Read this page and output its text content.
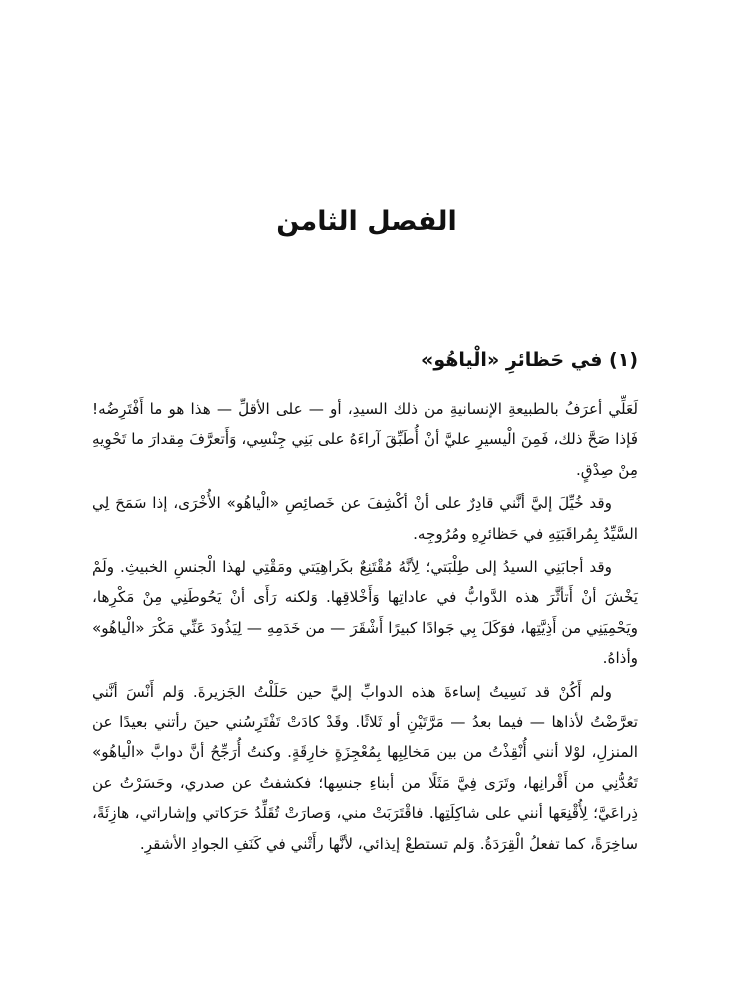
الفصل الثامن
(١) في حَظائرِ «الْياهُو»

لَعَلِّي أعرَفُ بالطبيعةِ الإنسانيةِ من ذلك السيدِ، أو — على الأقلِّ — هذا هو ما أَفْتَرِضُه! فَإذا صَحَّ ذلك، فَمِنَ الْيسيرِ عليَّ أنْ أُطَبِّقَ آراءَهُ على بَنِي جِنْسِي، وَأَتعرَّفَ مِقدارَ ما تَحْوِيهِ مِنْ صِدْقٍ.

وقد خُيِّلَ إليَّ أنَّني قادِرٌ على أنْ أكْشِفَ عن خَصائِصِ «الْياهُو» الأُخْرَى، إذا سَمَحَ لِي السَّيِّدُ بِمُراقَبَتِهِ في حَظائرِهِ ومُرُوجِه.

وقد أجابَنِي السيدُ إلى طِلْبَتي؛ لِأنَّهُ مُقْتَنِعٌ بكَراهِيَتي ومَقْتِي لهذا الْجنسِ الخبيثِ. ولَمْ يَخْشَ أنْ أَتأثَّرَ هذه الدَّوابُّ في عاداتِها وَأَخْلاقِها. وَلكنه رَأَى أنْ يَحُوطَنِي مِنْ مَكْرِها، ويَحْمِيَنِي من أَذِيَّتِها، فوَكَلَ بِي جَوادًا كبيرًا أَشْقَرَ — من خَدَمِهِ — لِيَذُودَ عَنِّي مَكْرَ «الْياهُو» وأذاهُ.

ولم أَكُنْ قد نَسِيتُ إساءةَ هذه الدوابِّ إليَّ حين حَلَلْتُ الجَزيرةَ. وَلم أَنْسَ أنَّني تعرَّضْتُ لأذاها — فيما بعدُ — مَرَّتَيْنِ أو ثَلاثًا. وقَدْ كادَتْ تَفْتَرِسُني حينَ رأتني بعيدًا عن المنزلِ، لوْلا أنني أُنْقِذْتُ من بين مَخالِبِها بِمُعْجِزَةٍ خارِقَةٍ. وكنتُ أُرَجِّحُ أنَّ دوابَّ «الْياهُو» تَعُدُّنِي من أَقْرانِها، وتَرَى فِيَّ مَثَلًا من أبناءِ جنسِها؛ فكشفتُ عن صدري، وحَسَرْتُ عن ذِراعَيَّ؛ لِأُقْنِعَها أنني على شاكِلَتِها. فاقْتَرَبَتْ مني، وَصارَتْ تُقَلِّدُ حَرَكاتي وإشاراتي، هازِئَةً، ساخِرَةً، كما تفعلُ الْقِرَدَةُ. وَلم تستطعْ إيذائي، لأنَّها رأَتْني في كَنَفِ الجوادِ الأشقرِ.
